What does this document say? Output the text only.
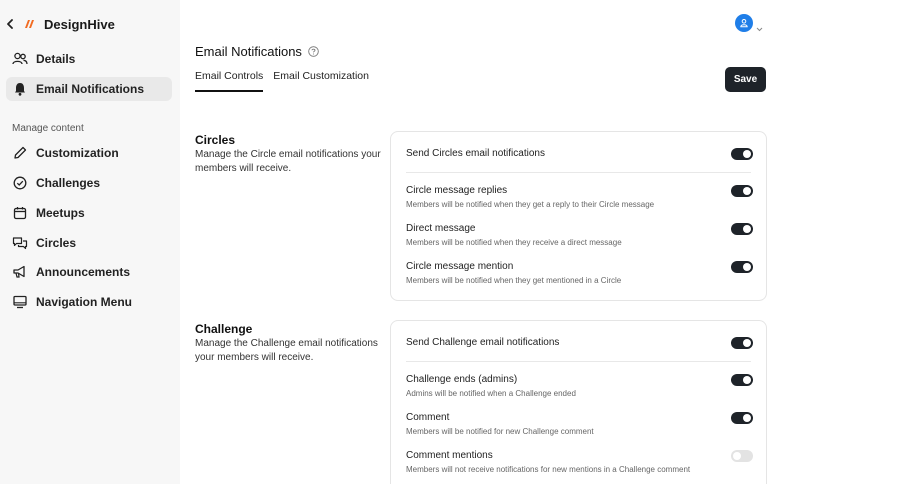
DesignHive
Details
Email Notifications
Manage content
Customization
Challenges
Meetups
Circles
Announcements
Navigation Menu
Email Notifications
Email Controls Email Customization	Save
Circles
Manage the Circle email notifications your members will receive.
Send Circles email notifications
Circle message replies
Members will be notified when they get a reply to their Circle message
Direct message
Members will be notified when they receive a direct message
Circle message mention
Members will be notified when they get mentioned in a Circle
Challenge
Manage the Challenge email notifications your members will receive.
Send Challenge email notifications
Challenge ends (admins)
Admins will be notified when a Challenge ended
Comment
Members will be notified for new Challenge comment
Comment mentions
Members will not receive notifications for new mentions in a Challenge comment
